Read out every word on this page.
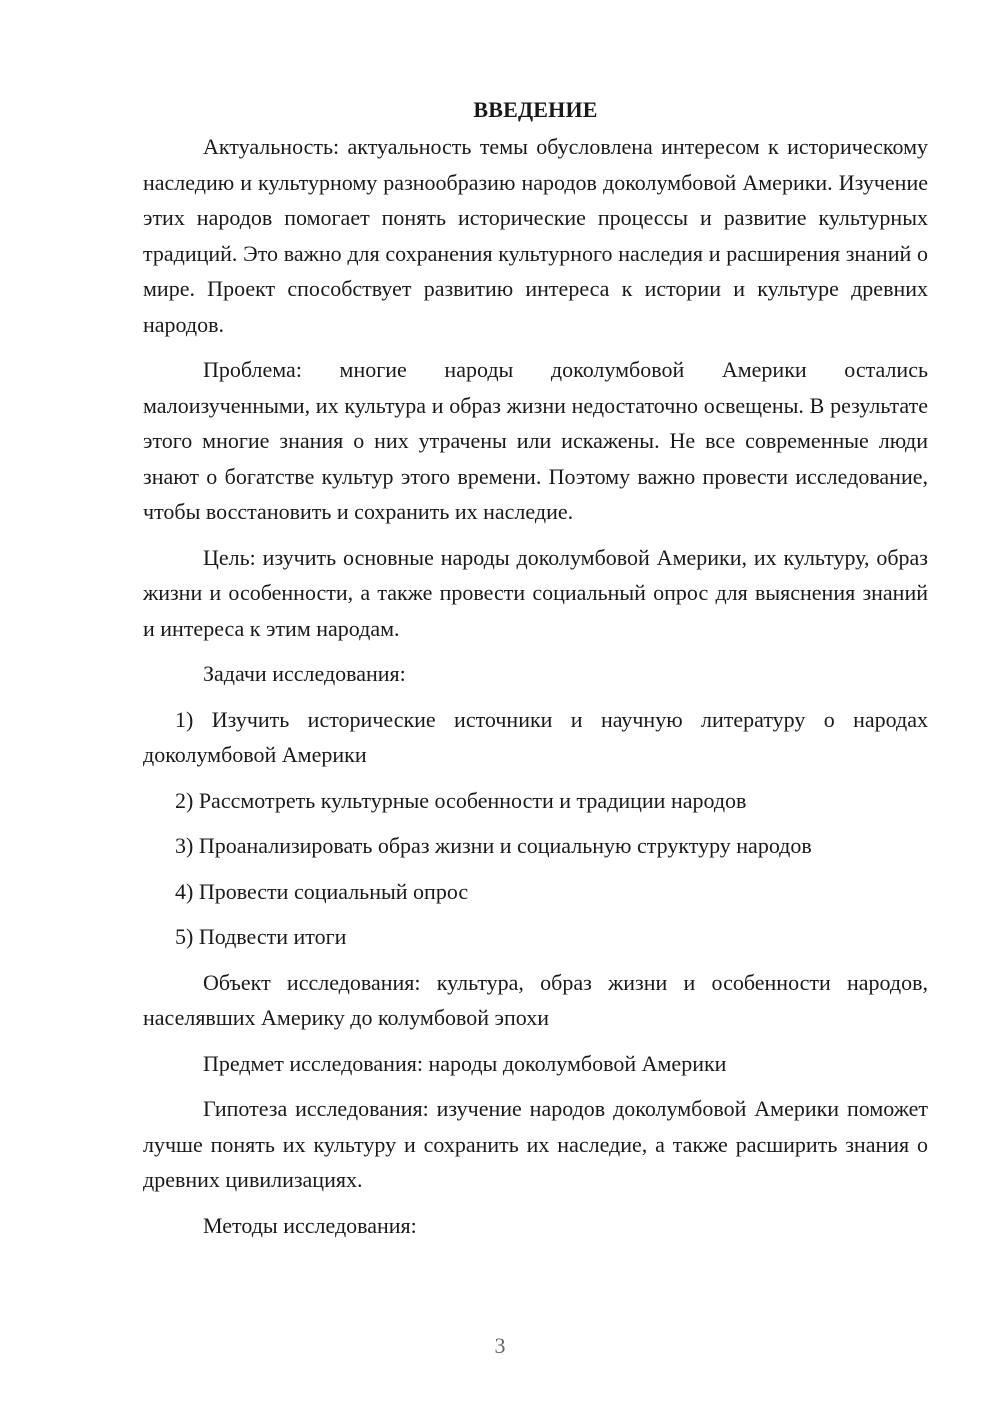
ВВЕДЕНИЕ

Актуальность: актуальность темы обусловлена интересом к историческому наследию и культурному разнообразию народов доколумбовой Америки. Изучение этих народов помогает понять исторические процессы и развитие культурных традиций. Это важно для сохранения культурного наследия и расширения знаний о мире. Проект способствует развитию интереса к истории и культуре древних народов.

Проблема: многие народы доколумбовой Америки остались малоизученными, их культура и образ жизни недостаточно освещены. В результате этого многие знания о них утрачены или искажены. Не все современные люди знают о богатстве культур этого времени. Поэтому важно провести исследование, чтобы восстановить и сохранить их наследие.

Цель: изучить основные народы доколумбовой Америки, их культуру, образ жизни и особенности, а также провести социальный опрос для выяснения знаний и интереса к этим народам.

Задачи исследования:

1) Изучить исторические источники и научную литературу о народах доколумбовой Америки

2) Рассмотреть культурные особенности и традиции народов

3) Проанализировать образ жизни и социальную структуру народов

4) Провести социальный опрос

5) Подвести итоги

Объект исследования: культура, образ жизни и особенности народов, населявших Америку до колумбовой эпохи

Предмет исследования: народы доколумбовой Америки

Гипотеза исследования: изучение народов доколумбовой Америки поможет лучше понять их культуру и сохранить их наследие, а также расширить знания о древних цивилизациях.

Методы исследования:

3
